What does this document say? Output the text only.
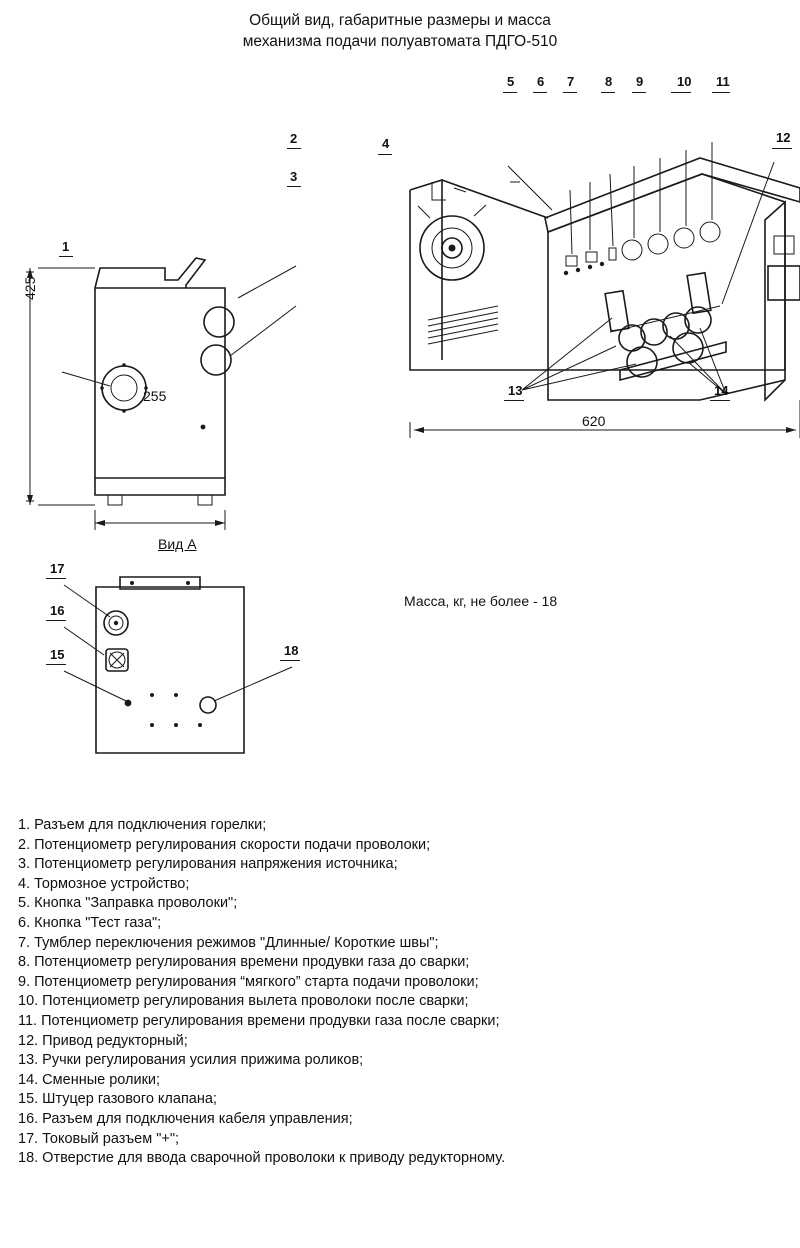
Общий вид, габаритные размеры и масса
механизма подачи полуавтомата ПДГО-510
2
3
1
425
255
5 6 7 8 9	10 11
12
4
13	14
620
Вид А
17
16
15	18
Масса, кг, не более - 18
1. Разъем для подключения горелки;
2. Потенциометр регулирования скорости подачи проволоки;
3. Потенциометр регулирования напряжения источника;
4. Тормозное устройство;
5. Кнопка "Заправка проволоки";
6. Кнопка "Тест газа";
7. Тумблер переключения режимов "Длинные/ Короткие швы";
8. Потенциометр регулирования времени продувки газа до сварки;
9. Потенциометр регулирования “мягкого” старта подачи проволоки;
10. Потенциометр регулирования вылета проволоки после сварки;
11. Потенциометр регулирования времени продувки газа после сварки;
12. Привод редукторный;
13. Ручки регулирования усилия прижима роликов;
14. Сменные ролики;
15. Штуцер газового клапана;
16. Разъем для подключения кабеля управления;
17. Токовый разъем "+";
18. Отверстие для ввода сварочной проволоки к приводу редукторному.
